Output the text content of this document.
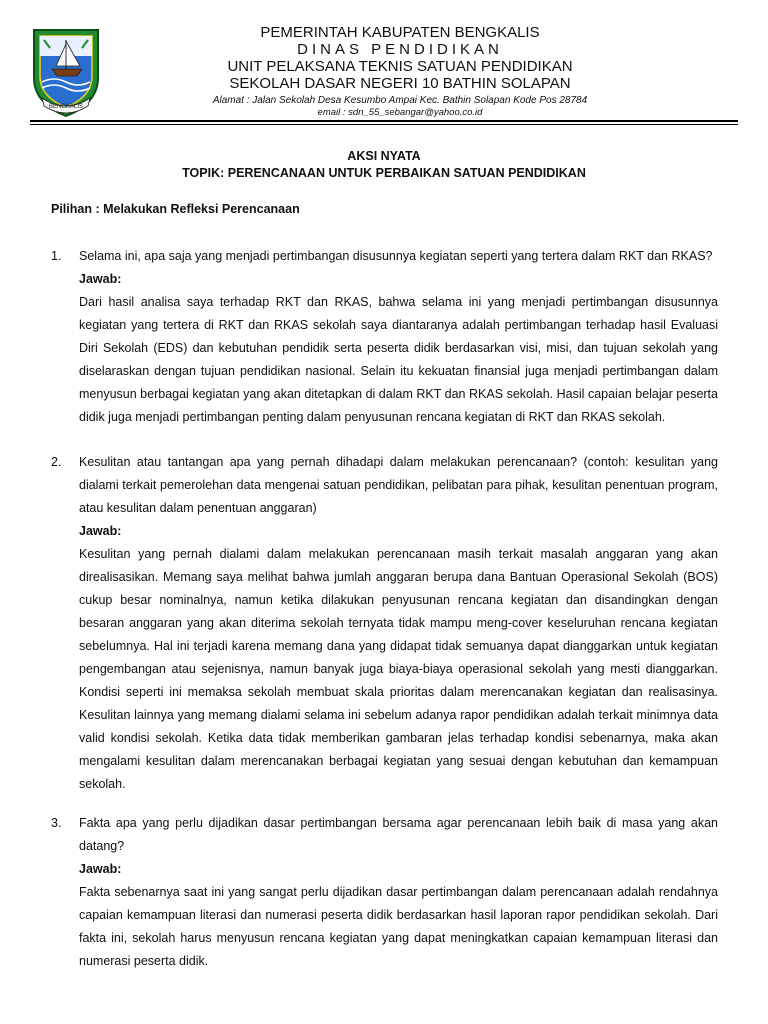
BENGKALIS
PEMERINTAH KABUPATEN BENGKALIS
DINAS PENDIDIKAN
UNIT PELAKSANA TEKNIS SATUAN PENDIDIKAN
SEKOLAH DASAR NEGERI 10 BATHIN SOLAPAN
Alamat : Jalan Sekolah Desa Kesumbo Ampai Kec. Bathin Solapan Kode Pos 28784
email : sdn_55_sebangar@yahoo.co.id
AKSI NYATA
TOPIK: PERENCANAAN UNTUK PERBAIKAN SATUAN PENDIDIKAN
Pilihan : Melakukan Refleksi Perencanaan
1. Selama ini, apa saja yang menjadi pertimbangan disusunnya kegiatan seperti yang tertera dalam RKT dan RKAS?
Jawab:
Dari hasil analisa saya terhadap RKT dan RKAS, bahwa selama ini yang menjadi pertimbangan disusunnya kegiatan yang tertera di RKT dan RKAS sekolah saya diantaranya adalah pertimbangan terhadap hasil Evaluasi Diri Sekolah (EDS) dan kebutuhan pendidik serta peserta didik berdasarkan visi, misi, dan tujuan sekolah yang diselaraskan dengan tujuan pendidikan nasional. Selain itu kekuatan finansial juga menjadi pertimbangan dalam menyusun berbagai kegiatan yang akan ditetapkan di dalam RKT dan RKAS sekolah. Hasil capaian belajar peserta didik juga menjadi pertimbangan penting dalam penyusunan rencana kegiatan di RKT dan RKAS sekolah.
2. Kesulitan atau tantangan apa yang pernah dihadapi dalam melakukan perencanaan? (contoh: kesulitan yang dialami terkait pemerolehan data mengenai satuan pendidikan, pelibatan para pihak, kesulitan penentuan program, atau kesulitan dalam penentuan anggaran)
Jawab:
Kesulitan yang pernah dialami dalam melakukan perencanaan masih terkait masalah anggaran yang akan direalisasikan. Memang saya melihat bahwa jumlah anggaran berupa dana Bantuan Operasional Sekolah (BOS) cukup besar nominalnya, namun ketika dilakukan penyusunan rencana kegiatan dan disandingkan dengan besaran anggaran yang akan diterima sekolah ternyata tidak mampu meng-cover keseluruhan rencana kegiatan sebelumnya. Hal ini terjadi karena memang dana yang didapat tidak semuanya dapat dianggarkan untuk kegiatan pengembangan atau sejenisnya, namun banyak juga biaya-biaya operasional sekolah yang mesti dianggarkan. Kondisi seperti ini memaksa sekolah membuat skala prioritas dalam merencanakan kegiatan dan realisasinya. Kesulitan lainnya yang memang dialami selama ini sebelum adanya rapor pendidikan adalah terkait minimnya data valid kondisi sekolah. Ketika data tidak memberikan gambaran jelas terhadap kondisi sebenarnya, maka akan mengalami kesulitan dalam merencanakan berbagai kegiatan yang sesuai dengan kebutuhan dan kemampuan sekolah.
3. Fakta apa yang perlu dijadikan dasar pertimbangan bersama agar perencanaan lebih baik di masa yang akan datang?
Jawab:
Fakta sebenarnya saat ini yang sangat perlu dijadikan dasar pertimbangan dalam perencanaan adalah rendahnya capaian kemampuan literasi dan numerasi peserta didik berdasarkan hasil laporan rapor pendidikan sekolah. Dari fakta ini, sekolah harus menyusun rencana kegiatan yang dapat meningkatkan capaian kemampuan literasi dan numerasi peserta didik.
